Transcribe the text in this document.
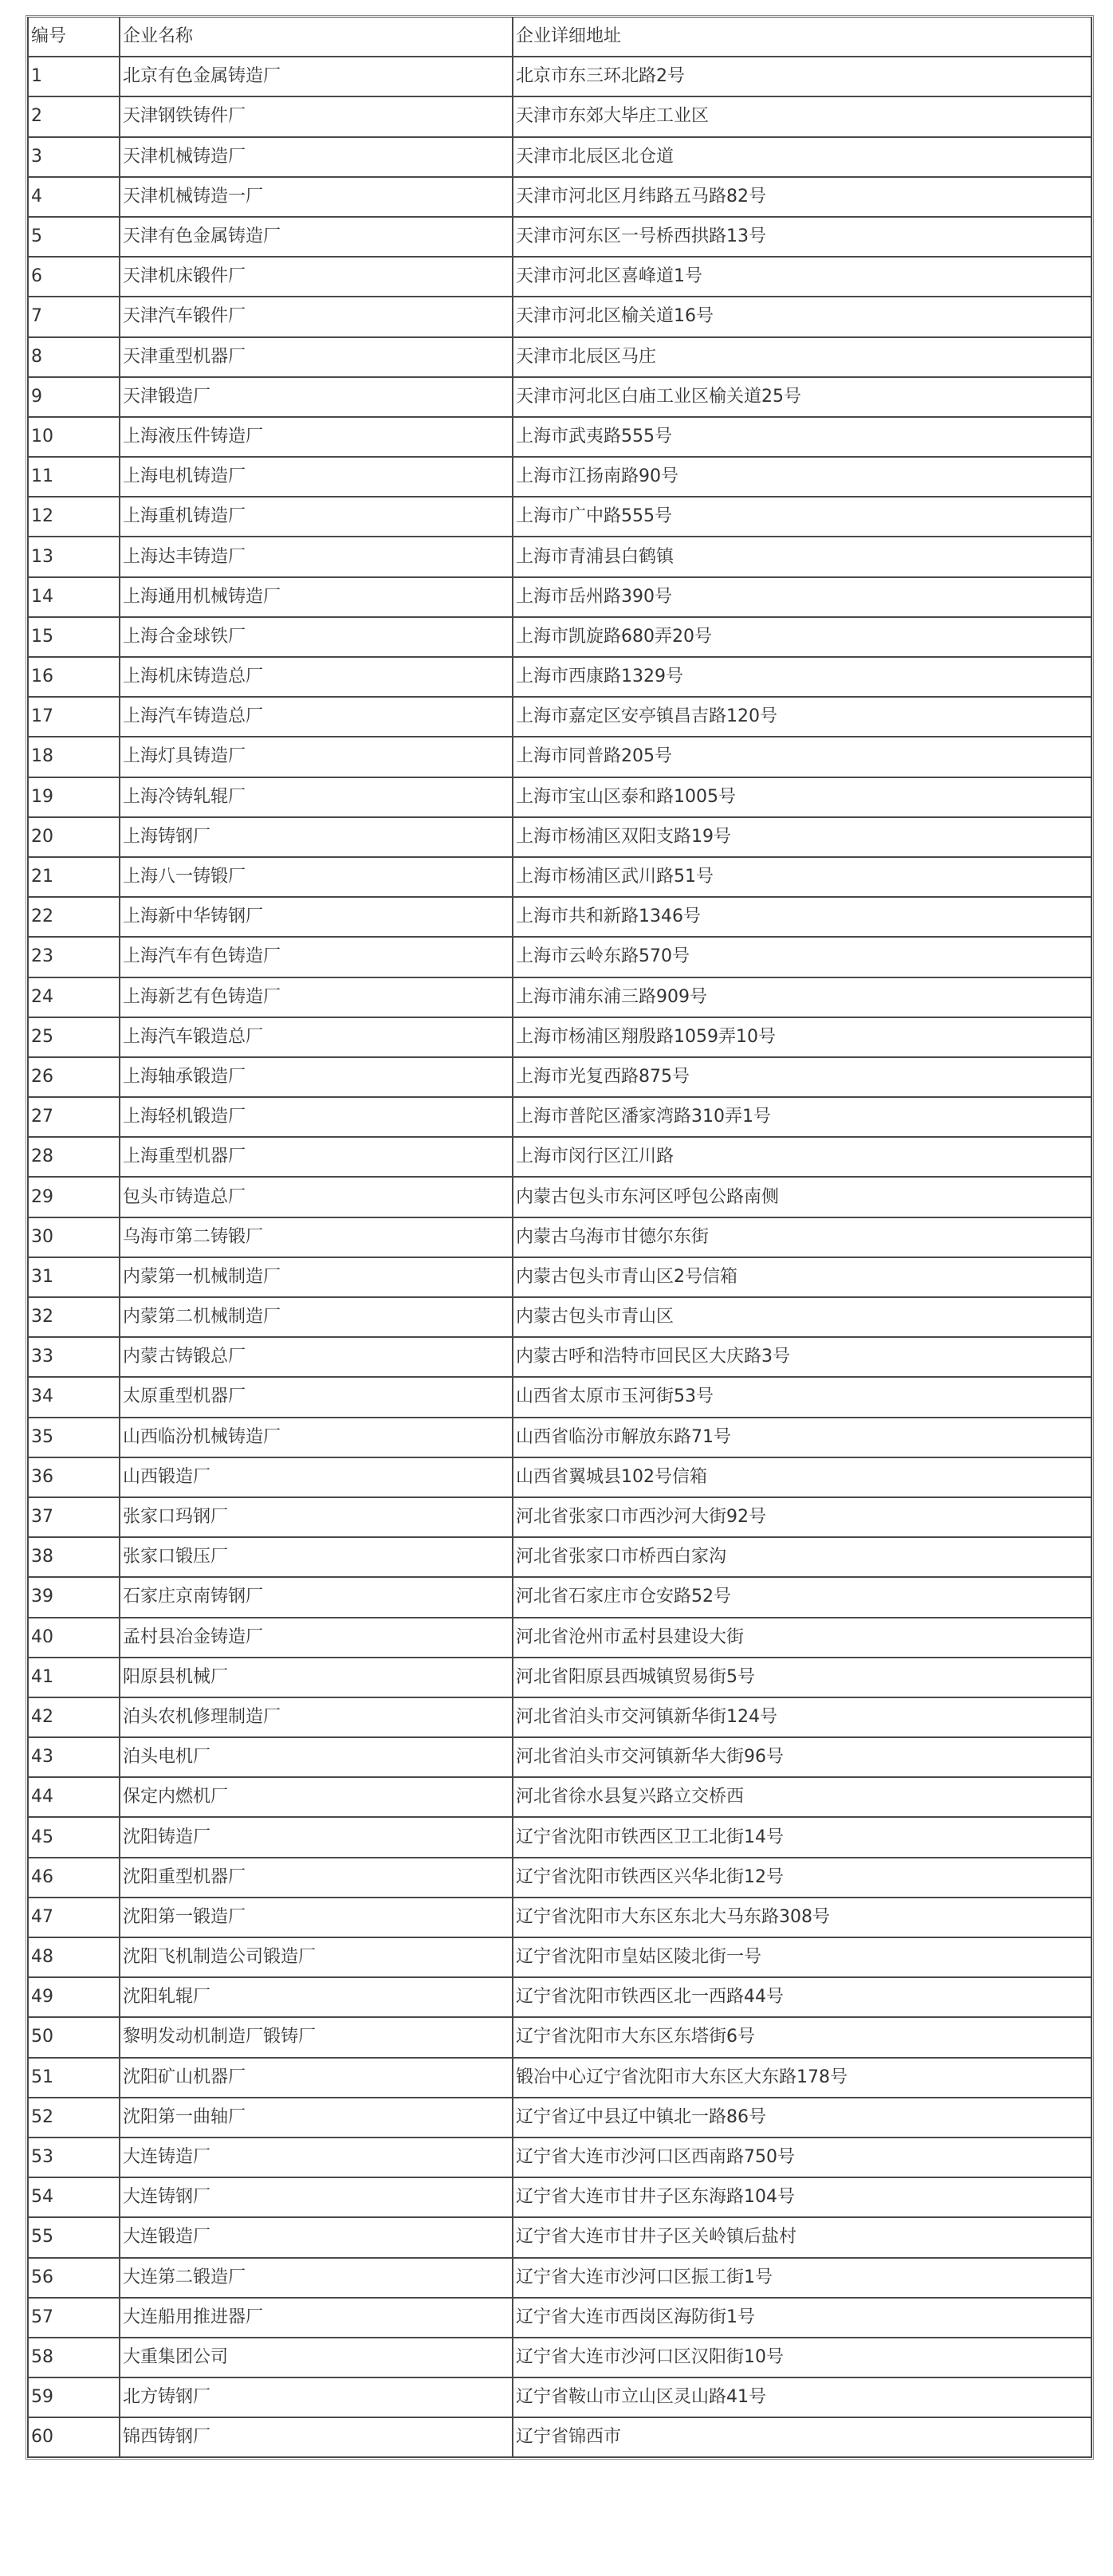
编号	企业名称	企业详细地址
1	北京有色金属铸造厂	北京市东三环北路2号
2	天津钢铁铸件厂	天津市东郊大毕庄工业区
3	天津机械铸造厂	天津市北辰区北仓道
4	天津机械铸造一厂	天津市河北区月纬路五马路82号
5	天津有色金属铸造厂	天津市河东区一号桥西拱路13号
6	天津机床锻件厂	天津市河北区喜峰道1号
7	天津汽车锻件厂	天津市河北区榆关道16号
8	天津重型机器厂	天津市北辰区马庄
9	天津锻造厂	天津市河北区白庙工业区榆关道25号
10	上海液压件铸造厂	上海市武夷路555号
11	上海电机铸造厂	上海市江扬南路90号
12	上海重机铸造厂	上海市广中路555号
13	上海达丰铸造厂	上海市青浦县白鹤镇
14	上海通用机械铸造厂	上海市岳州路390号
15	上海合金球铁厂	上海市凯旋路680弄20号
16	上海机床铸造总厂	上海市西康路1329号
17	上海汽车铸造总厂	上海市嘉定区安亭镇昌吉路120号
18	上海灯具铸造厂	上海市同普路205号
19	上海冷铸轧辊厂	上海市宝山区泰和路1005号
20	上海铸钢厂	上海市杨浦区双阳支路19号
21	上海八一铸锻厂	上海市杨浦区武川路51号
22	上海新中华铸钢厂	上海市共和新路1346号
23	上海汽车有色铸造厂	上海市云岭东路570号
24	上海新艺有色铸造厂	上海市浦东浦三路909号
25	上海汽车锻造总厂	上海市杨浦区翔殷路1059弄10号
26	上海轴承锻造厂	上海市光复西路875号
27	上海轻机锻造厂	上海市普陀区潘家湾路310弄1号
28	上海重型机器厂	上海市闵行区江川路
29	包头市铸造总厂	内蒙古包头市东河区呼包公路南侧
30	乌海市第二铸锻厂	内蒙古乌海市甘德尔东街
31	内蒙第一机械制造厂	内蒙古包头市青山区2号信箱
32	内蒙第二机械制造厂	内蒙古包头市青山区
33	内蒙古铸锻总厂	内蒙古呼和浩特市回民区大庆路3号
34	太原重型机器厂	山西省太原市玉河街53号
35	山西临汾机械铸造厂	山西省临汾市解放东路71号
36	山西锻造厂	山西省翼城县102号信箱
37	张家口玛钢厂	河北省张家口市西沙河大街92号
38	张家口锻压厂	河北省张家口市桥西白家沟
39	石家庄京南铸钢厂	河北省石家庄市仓安路52号
40	孟村县冶金铸造厂	河北省沧州市孟村县建设大街
41	阳原县机械厂	河北省阳原县西城镇贸易街5号
42	泊头农机修理制造厂	河北省泊头市交河镇新华街124号
43	泊头电机厂	河北省泊头市交河镇新华大街96号
44	保定内燃机厂	河北省徐水县复兴路立交桥西
45	沈阳铸造厂	辽宁省沈阳市铁西区卫工北街14号
46	沈阳重型机器厂	辽宁省沈阳市铁西区兴华北街12号
47	沈阳第一锻造厂	辽宁省沈阳市大东区东北大马东路308号
48	沈阳飞机制造公司锻造厂	辽宁省沈阳市皇姑区陵北街一号
49	沈阳轧辊厂	辽宁省沈阳市铁西区北一西路44号
50	黎明发动机制造厂锻铸厂	辽宁省沈阳市大东区东塔街6号
51	沈阳矿山机器厂	锻冶中心辽宁省沈阳市大东区大东路178号
52	沈阳第一曲轴厂	辽宁省辽中县辽中镇北一路86号
53	大连铸造厂	辽宁省大连市沙河口区西南路750号
54	大连铸钢厂	辽宁省大连市甘井子区东海路104号
55	大连锻造厂	辽宁省大连市甘井子区关岭镇后盐村
56	大连第二锻造厂	辽宁省大连市沙河口区振工街1号
57	大连船用推进器厂	辽宁省大连市西岗区海防街1号
58	大重集团公司	辽宁省大连市沙河口区汉阳街10号
59	北方铸钢厂	辽宁省鞍山市立山区灵山路41号
60	锦西铸钢厂	辽宁省锦西市
